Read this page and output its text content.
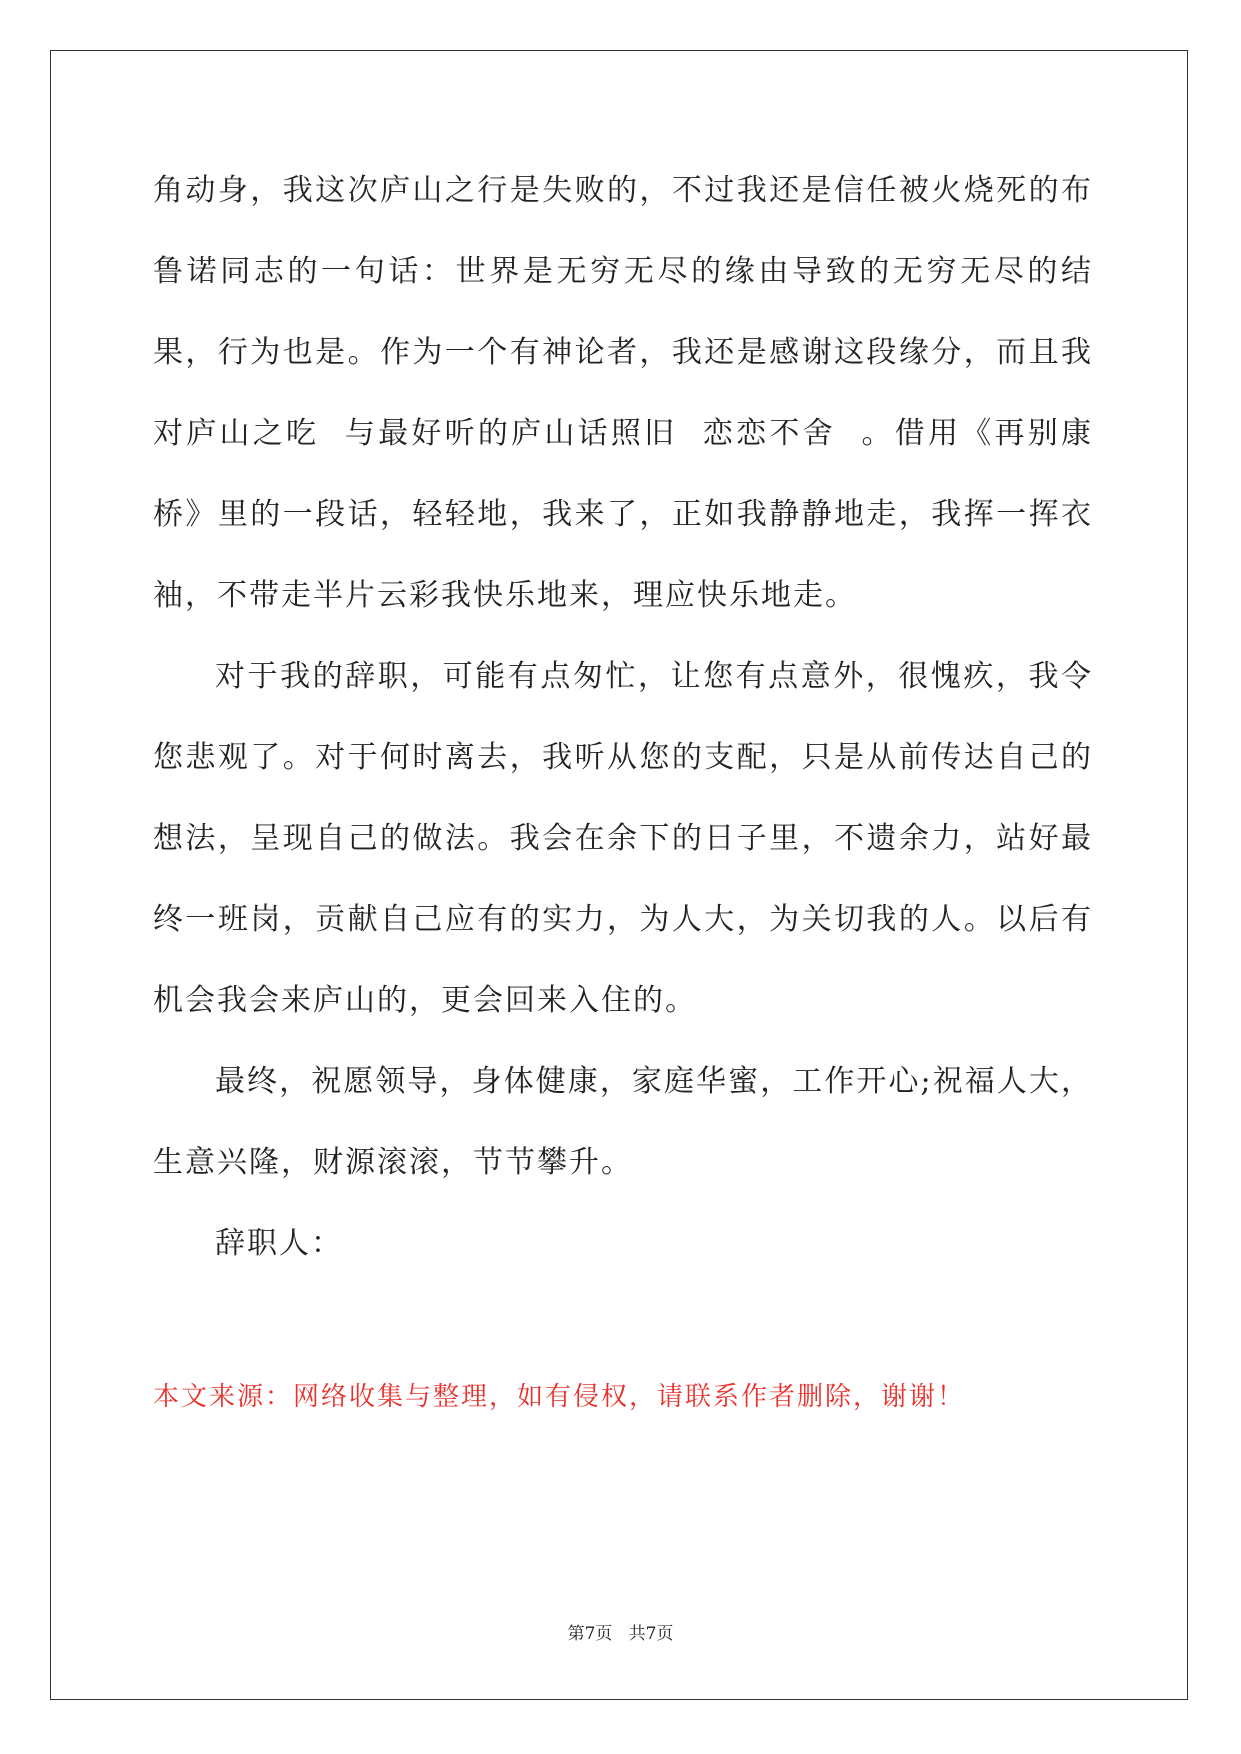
角动身，我这次庐山之行是失败的，不过我还是信任被火烧死的布鲁诺同志的一句话：世界是无穷无尽的缘由导致的无穷无尽的结果，行为也是。作为一个有神论者，我还是感谢这段缘分，而且我对庐山之吃  与最好听的庐山话照旧  恋恋不舍  。借用《再别康桥》里的一段话，轻轻地，我来了，正如我静静地走，我挥一挥衣袖，不带走半片云彩我快乐地来，理应快乐地走。

对于我的辞职，可能有点匆忙，让您有点意外，很愧疚，我令您悲观了。对于何时离去，我听从您的支配，只是从前传达自己的想法，呈现自己的做法。我会在余下的日子里，不遗余力，站好最终一班岗，贡献自己应有的实力，为人大，为关切我的人。以后有机会我会来庐山的，更会回来入住的。

最终，祝愿领导，身体健康，家庭华蜜，工作开心;祝福人大，生意兴隆，财源滚滚，节节攀升。

辞职人：

本文来源：网络收集与整理，如有侵权，请联系作者删除，谢谢！
第7页   共7页
